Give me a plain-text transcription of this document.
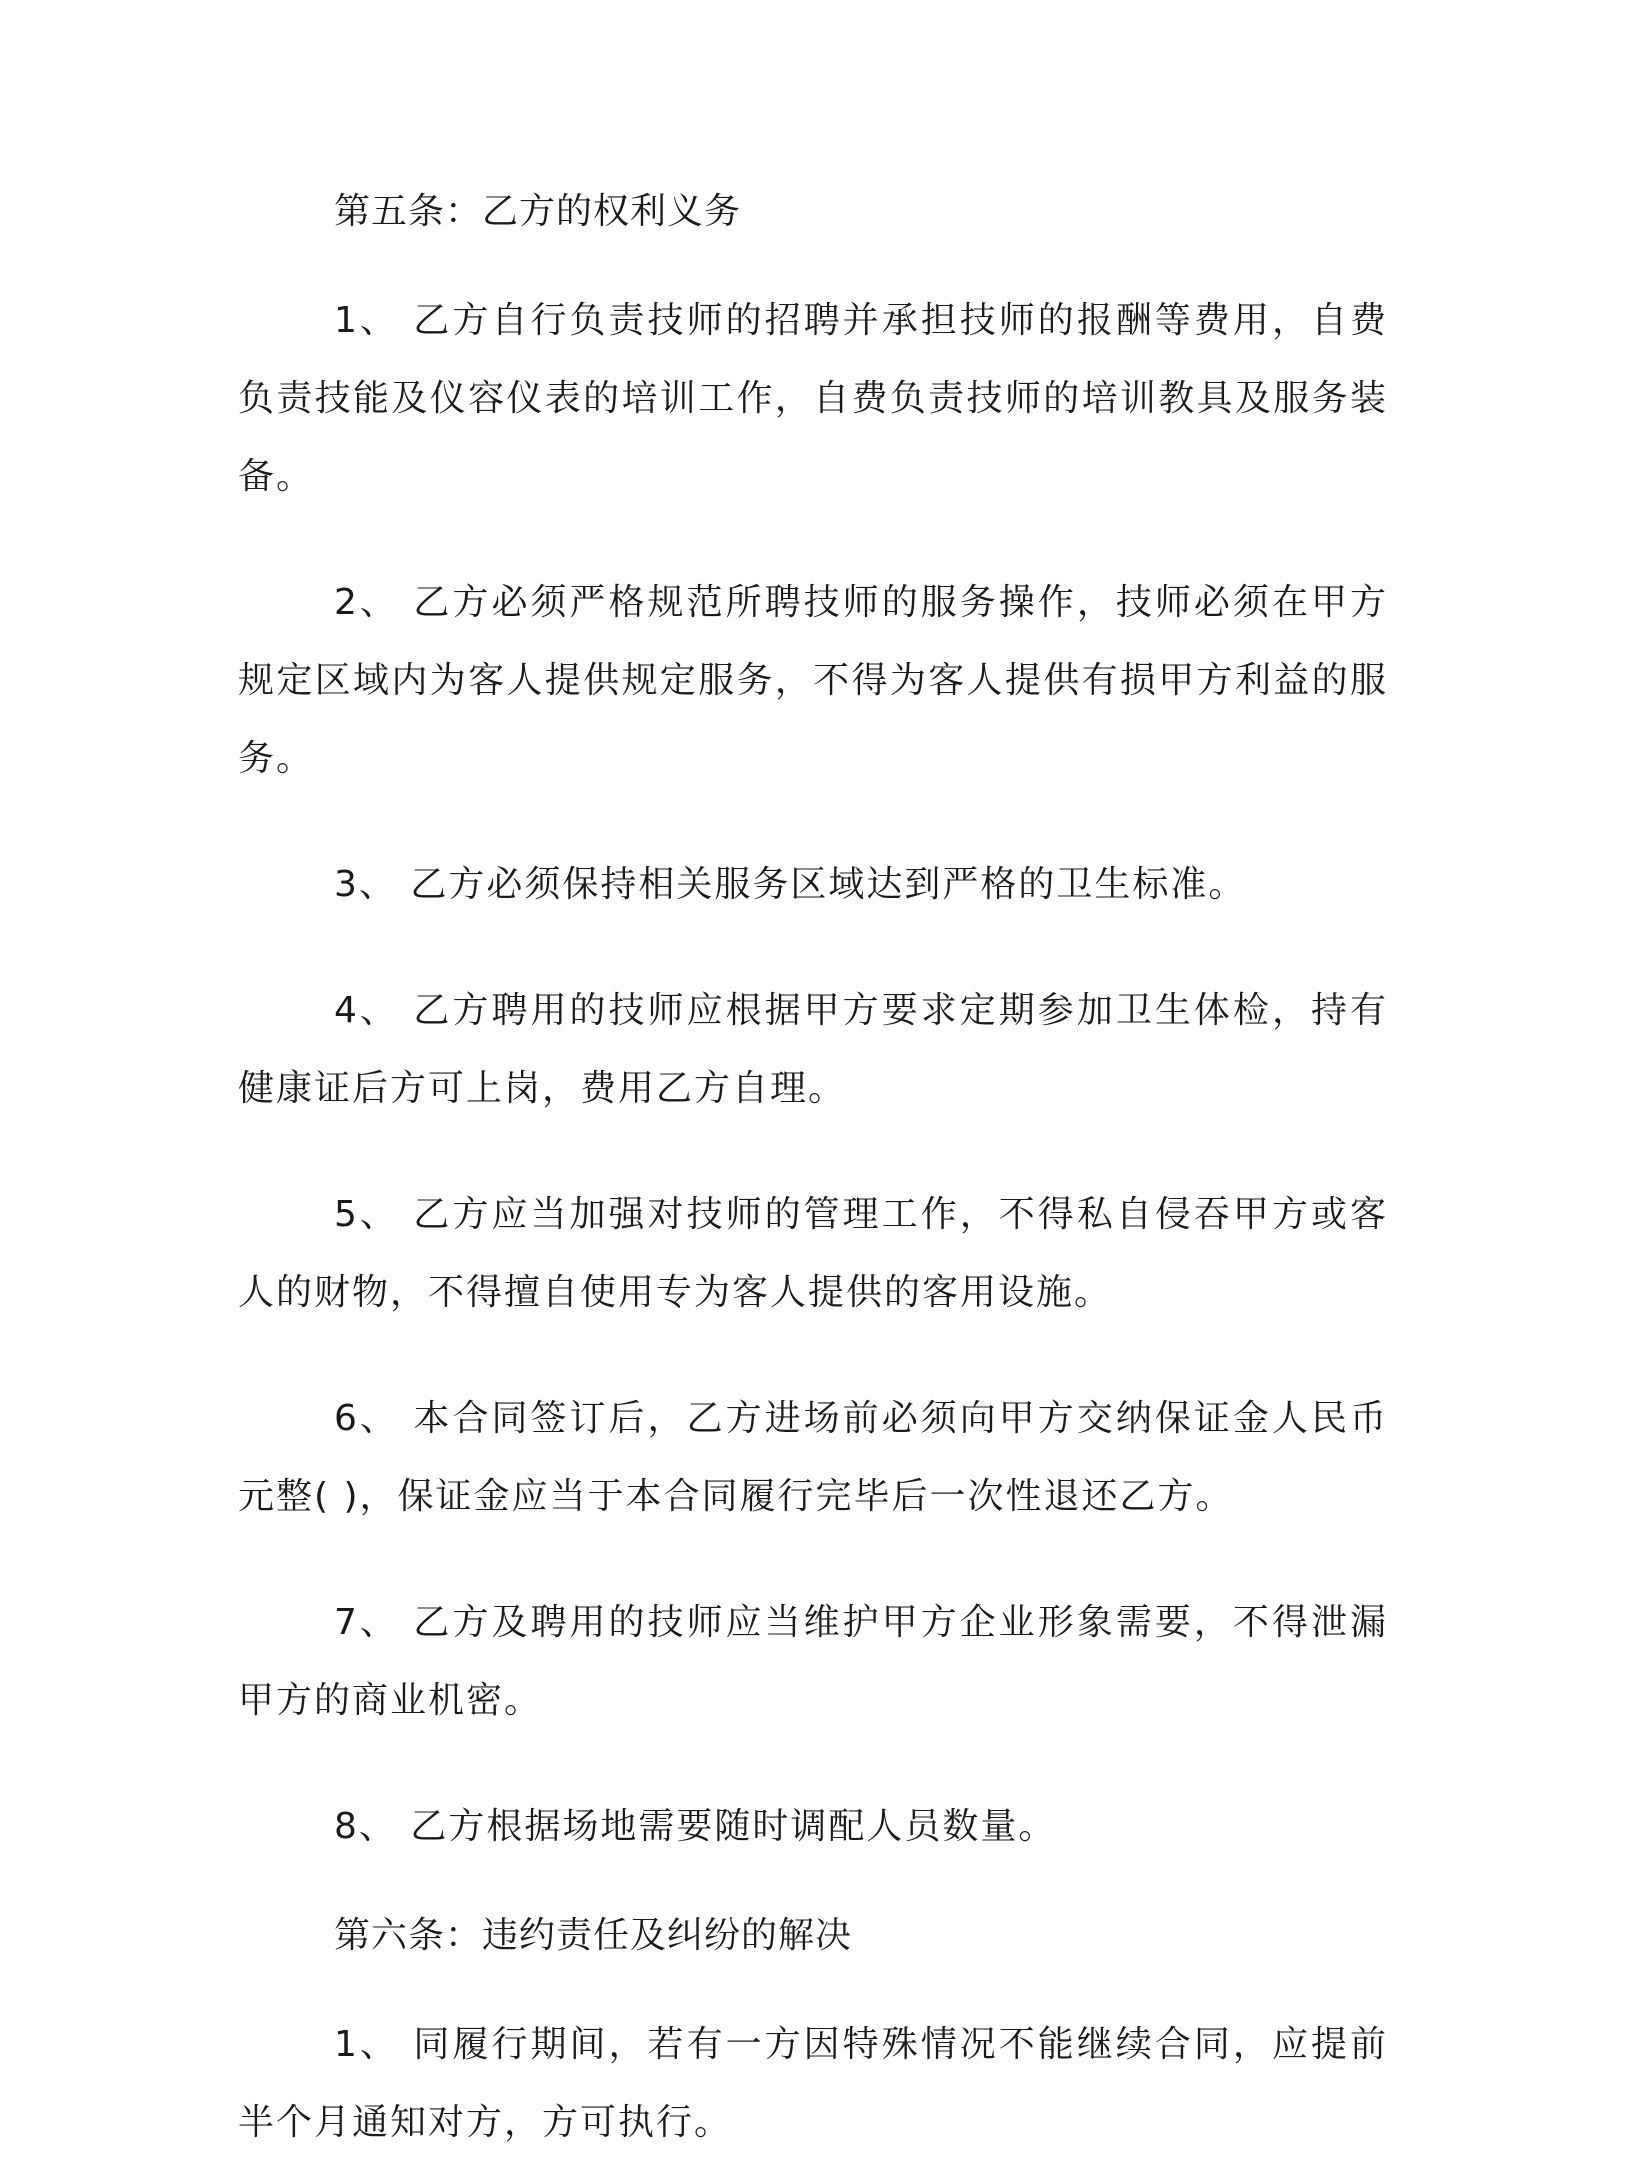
第五条：乙方的权利义务

1、 乙方自行负责技师的招聘并承担技师的报酬等费用，自费负责技能及仪容仪表的培训工作，自费负责技师的培训教具及服务装备。

2、 乙方必须严格规范所聘技师的服务操作，技师必须在甲方规定区域内为客人提供规定服务，不得为客人提供有损甲方利益的服务。

3、 乙方必须保持相关服务区域达到严格的卫生标准。

4、 乙方聘用的技师应根据甲方要求定期参加卫生体检，持有健康证后方可上岗，费用乙方自理。

5、 乙方应当加强对技师的管理工作，不得私自侵吞甲方或客人的财物，不得擅自使用专为客人提供的客用设施。

6、 本合同签订后，乙方进场前必须向甲方交纳保证金人民币 元整( )，保证金应当于本合同履行完毕后一次性退还乙方。

7、 乙方及聘用的技师应当维护甲方企业形象需要，不得泄漏甲方的商业机密。

8、 乙方根据场地需要随时调配人员数量。

第六条：违约责任及纠纷的解决

1、 同履行期间，若有一方因特殊情况不能继续合同，应提前半个月通知对方，方可执行。
